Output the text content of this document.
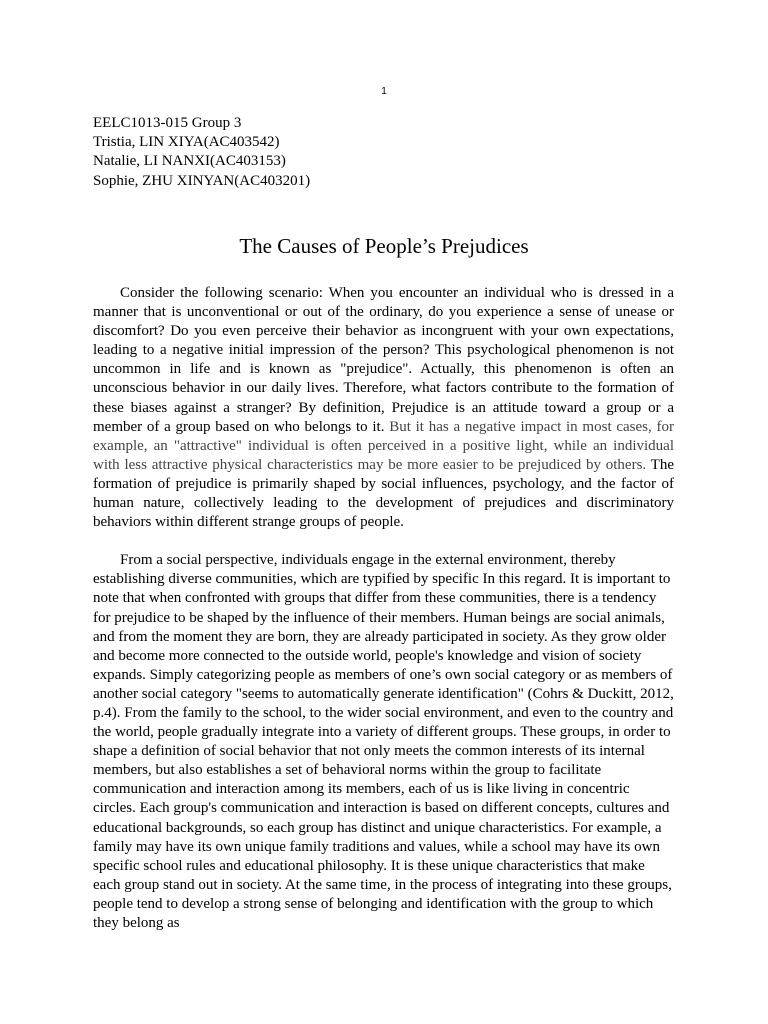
1
EELC1013-015 Group 3
Tristia, LIN XIYA(AC403542)
Natalie, LI NANXI(AC403153)
Sophie, ZHU XINYAN(AC403201)
The Causes of People’s Prejudices

Consider the following scenario: When you encounter an individual who is dressed in a manner that is unconventional or out of the ordinary, do you experience a sense of unease or discomfort? Do you even perceive their behavior as incongruent with your own expectations, leading to a negative initial impression of the person? This psychological phenomenon is not uncommon in life and is known as "prejudice". Actually, this phenomenon is often an unconscious behavior in our daily lives. Therefore, what factors contribute to the formation of these biases against a stranger? By definition, Prejudice is an attitude toward a group or a member of a group based on who belongs to it. But it has a negative impact in most cases, for example, an "attractive" individual is often perceived in a positive light, while an individual with less attractive physical characteristics may be more easier to be prejudiced by others. The formation of prejudice is primarily shaped by social influences, psychology, and the factor of human nature, collectively leading to the development of prejudices and discriminatory behaviors within different strange groups of people.

From a social perspective, individuals engage in the external environment, thereby establishing diverse communities, which are typified by specific In this regard. It is important to note that when confronted with groups that differ from these communities, there is a tendency for prejudice to be shaped by the influence of their members. Human beings are social animals, and from the moment they are born, they are already participated in society. As they grow older and become more connected to the outside world, people's knowledge and vision of society expands. Simply categorizing people as members of one’s own social category or as members of another social category "seems to automatically generate identification" (Cohrs & Duckitt, 2012, p.4). From the family to the school, to the wider social environment, and even to the country and the world, people gradually integrate into a variety of different groups. These groups, in order to shape a definition of social behavior that not only meets the common interests of its internal members, but also establishes a set of behavioral norms within the group to facilitate communication and interaction among its members, each of us is like living in concentric circles. Each group's communication and interaction is based on different concepts, cultures and educational backgrounds, so each group has distinct and unique characteristics. For example, a family may have its own unique family traditions and values, while a school may have its own specific school rules and educational philosophy. It is these unique characteristics that make each group stand out in society. At the same time, in the process of integrating into these groups, people tend to develop a strong sense of belonging and identification with the group to which they belong as
